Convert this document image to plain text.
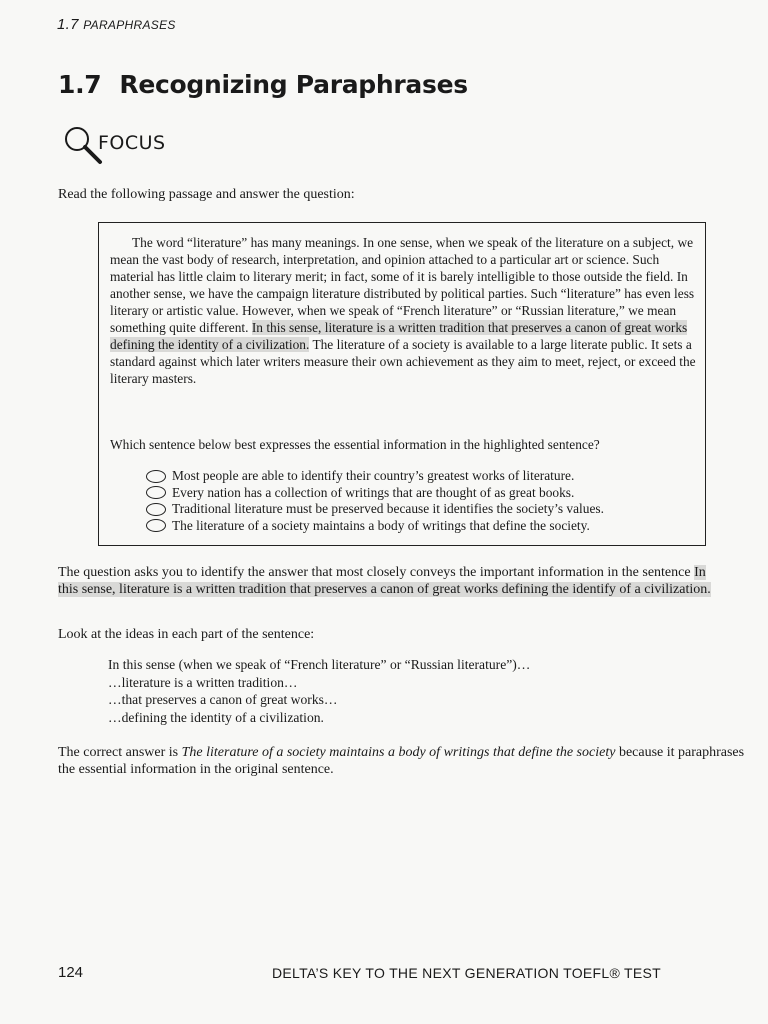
1.7 PARAPHRASES
1.7 Recognizing Paraphrases
FOCUS
Read the following passage and answer the question:
The word “literature” has many meanings. In one sense, when we speak of the literature on a subject, we mean the vast body of research, interpretation, and opinion attached to a particular art or science. Such material has little claim to literary merit; in fact, some of it is barely intelligible to those outside the field. In another sense, we have the campaign literature distributed by political parties. Such “literature” has even less literary or artistic value. However, when we speak of “French literature” or “Russian literature,” we mean something quite different. In this sense, literature is a written tradition that preserves a canon of great works defining the identity of a civilization. The literature of a society is available to a large literate public. It sets a standard against which later writers measure their own achievement as they aim to meet, reject, or exceed the literary masters.
Which sentence below best expresses the essential information in the highlighted sentence?
Most people are able to identify their country’s greatest works of literature.
Every nation has a collection of writings that are thought of as great books.
Traditional literature must be preserved because it identifies the society’s values.
The literature of a society maintains a body of writings that define the society.
The question asks you to identify the answer that most closely conveys the important information in the sentence In this sense, literature is a written tradition that preserves a canon of great works defining the identify of a civilization.
Look at the ideas in each part of the sentence:
In this sense (when we speak of “French literature” or “Russian literature”)…
…literature is a written tradition…
…that preserves a canon of great works…
…defining the identity of a civilization.
The correct answer is The literature of a society maintains a body of writings that define the society because it paraphrases the essential information in the original sentence.
124	DELTA’S KEY TO THE NEXT GENERATION TOEFL® TEST
